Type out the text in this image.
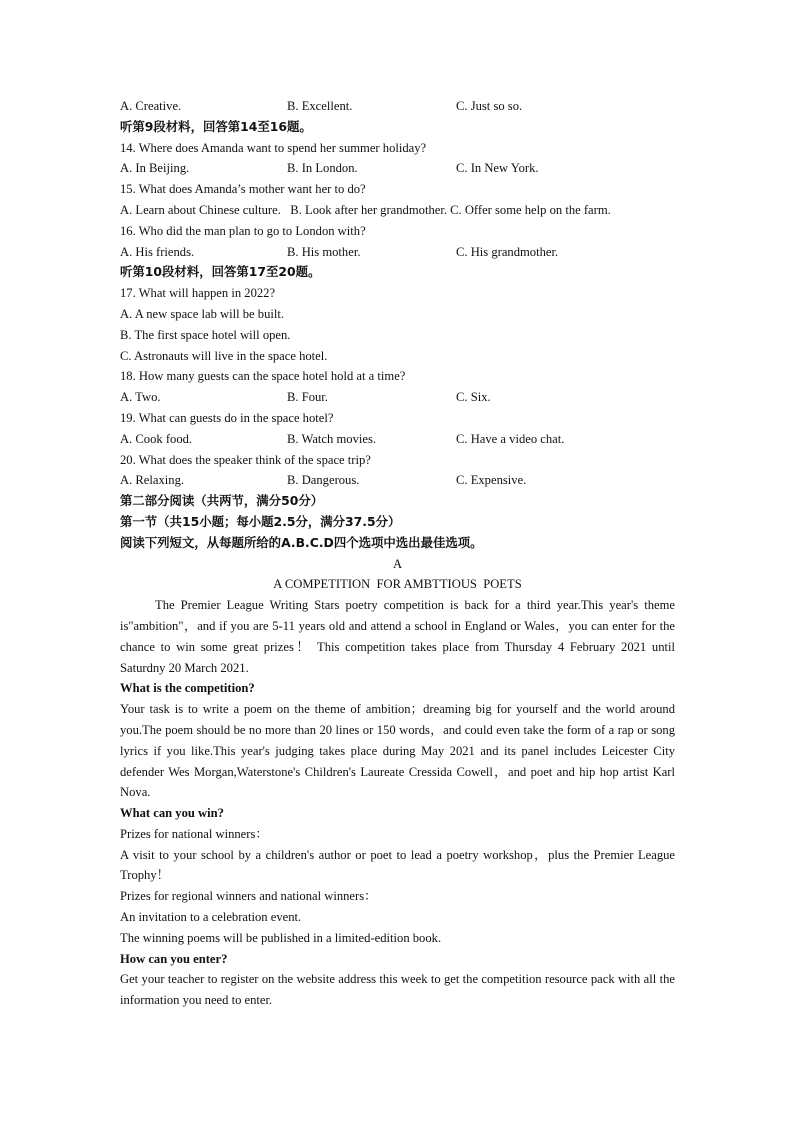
A. Creative.	B. Excellent.	C. Just so so.
听第9段材料，回答第14至16题。
14. Where does Amanda want to spend her summer holiday?
A. In Beijing.	B. In London.	C. In New York.
15. What does Amanda’s mother want her to do?
A. Learn about Chinese culture.   B. Look after her grandmother. C. Offer some help on the farm.
16. Who did the man plan to go to London with?
A. His friends.	B. His mother.	C. His grandmother.
听第10段材料，回答第17至20题。
17. What will happen in 2022?
A. A new space lab will be built.
B. The first space hotel will open.
C. Astronauts will live in the space hotel.
18. How many guests can the space hotel hold at a time?
A. Two.	B. Four.	C. Six.
19. What can guests do in the space hotel?
A. Cook food.	B. Watch movies.	C. Have a video chat.
20. What does the speaker think of the space trip?
A. Relaxing.	B. Dangerous.	C. Expensive.
第二部分阅读（共两节，满分50分）
第一节（共15小题；每小题2.5分，满分37.5分）
阅读下列短文，从每题所给的A.B.C.D四个选项中选出最佳选项。
A
A COMPETITION  FOR AMBTTIOUS  POETS
The Premier League Writing Stars poetry competition is back for a third year.This year's theme is"ambition"，and if you are 5-11 years old and attend a school in England or Wales，you can enter for the chance to win some great prizes！ This competition takes place from Thursday 4 February 2021 until Saturdny 20 March 2021.
What is the competition?
Your task is to write a poem on the theme of ambition；dreaming big for yourself and the world around you.The poem should be no more than 20 lines or 150 words，and could even take the form of a rap or song lyrics if you like.This year's judging takes place during May 2021 and its panel includes Leicester City defender Wes Morgan,Waterstone's Children's Laureate Cressida Cowell，and poet and hip hop artist Karl Nova.
What can you win?
Prizes for national winners：
A visit to your school by a children's author or poet to lead a poetry workshop，plus the Premier League Trophy！
Prizes for regional winners and national winners：
An invitation to a celebration event.
The winning poems will be published in a limited-edition book.
How can you enter?
Get your teacher to register on the website address this week to get the competition resource pack with all the information you need to enter.
